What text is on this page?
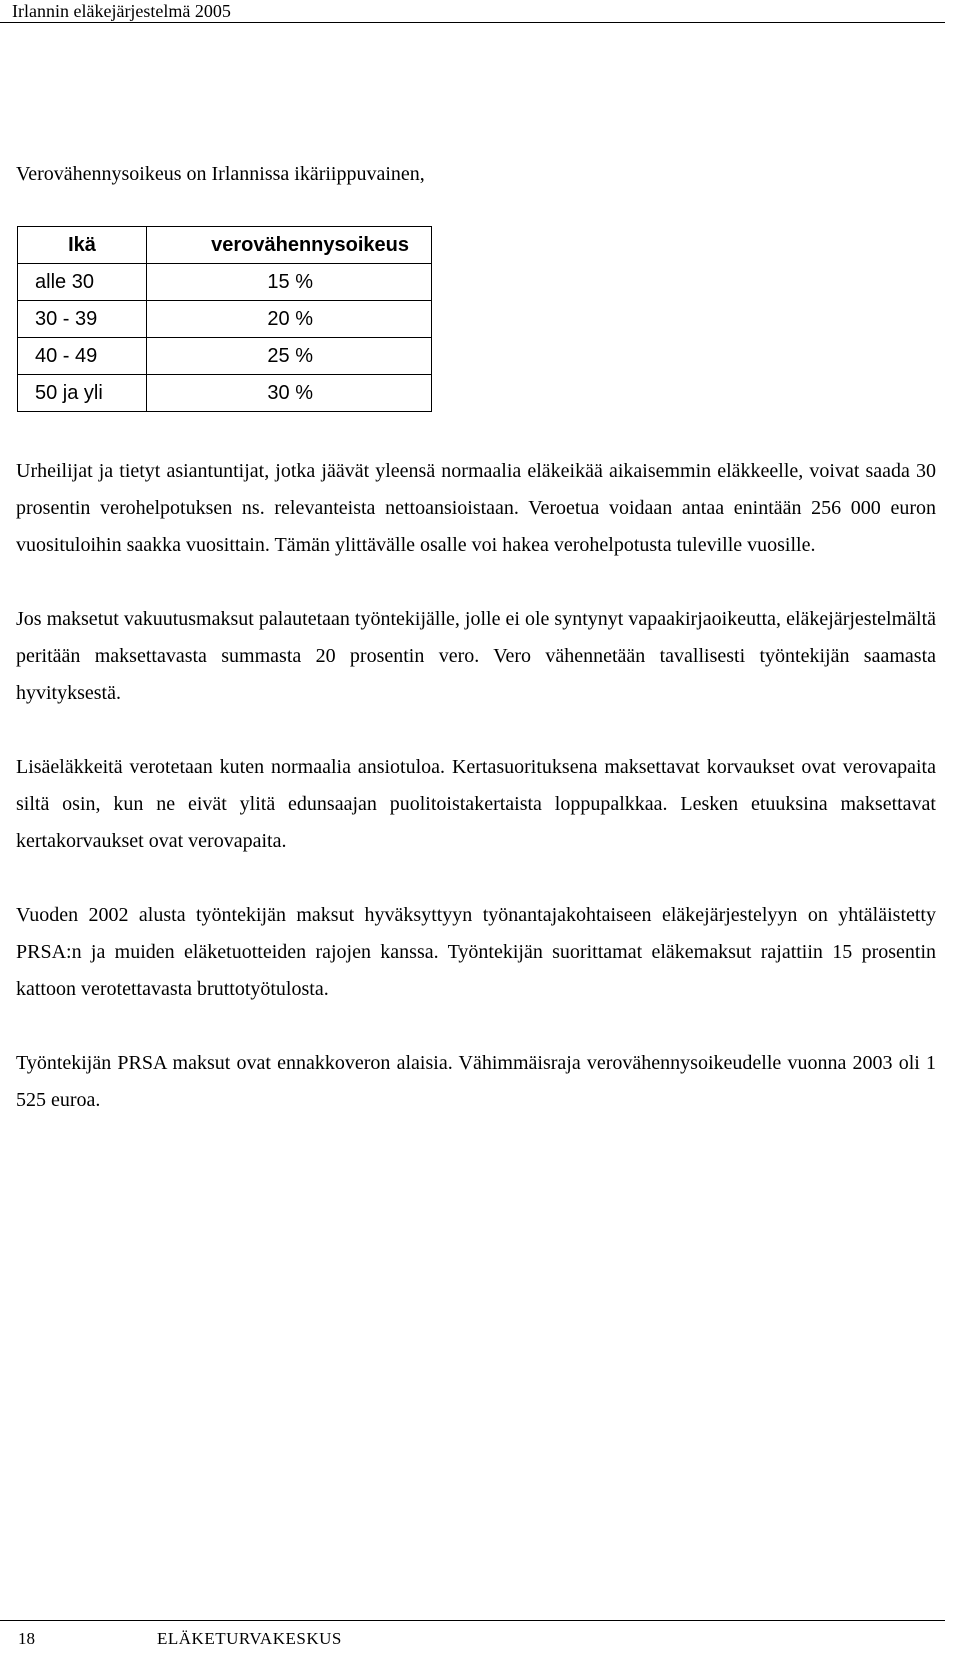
Irlannin eläkejärjestelmä 2005
Verovähennysoikeus on Irlannissa ikäriippuvainen,
Ikä	verovähennysoikeus
alle 30	15 %
30 - 39	20 %
40 - 49	25 %
50 ja yli	30 %

Urheilijat ja tietyt asiantuntijat, jotka jäävät yleensä normaalia eläkeikää aikaisemmin eläkkeelle, voivat saada 30 prosentin verohelpotuksen ns. relevanteista nettoansioistaan. Veroetua voidaan antaa enintään 256 000 euron vuosituloihin saakka vuosittain. Tämän ylittävälle osalle voi hakea verohelpotusta tuleville vuosille.

Jos maksetut vakuutusmaksut palautetaan työntekijälle, jolle ei ole syntynyt vapaakirjaoikeutta, eläkejärjestelmältä peritään maksettavasta summasta 20 prosentin vero. Vero vähennetään tavallisesti työntekijän saamasta hyvityksestä.

Lisäeläkkeitä verotetaan kuten normaalia ansiotuloa. Kertasuorituksena maksettavat korvaukset ovat verovapaita siltä osin, kun ne eivät ylitä edunsaajan puolitoistakertaista loppupalkkaa. Lesken etuuksina maksettavat kertakorvaukset ovat verovapaita.

Vuoden 2002 alusta työntekijän maksut hyväksyttyyn työnantajakohtaiseen eläkejärjestelyyn on yhtäläistetty PRSA:n ja muiden eläketuotteiden rajojen kanssa. Työntekijän suorittamat eläkemaksut rajattiin 15 prosentin kattoon verotettavasta bruttotyötulosta.

Työntekijän PRSA maksut ovat ennakkoveron alaisia. Vähimmäisraja verovähennysoikeudelle vuonna 2003 oli 1 525 euroa.

18	ELÄKETURVAKESKUS
